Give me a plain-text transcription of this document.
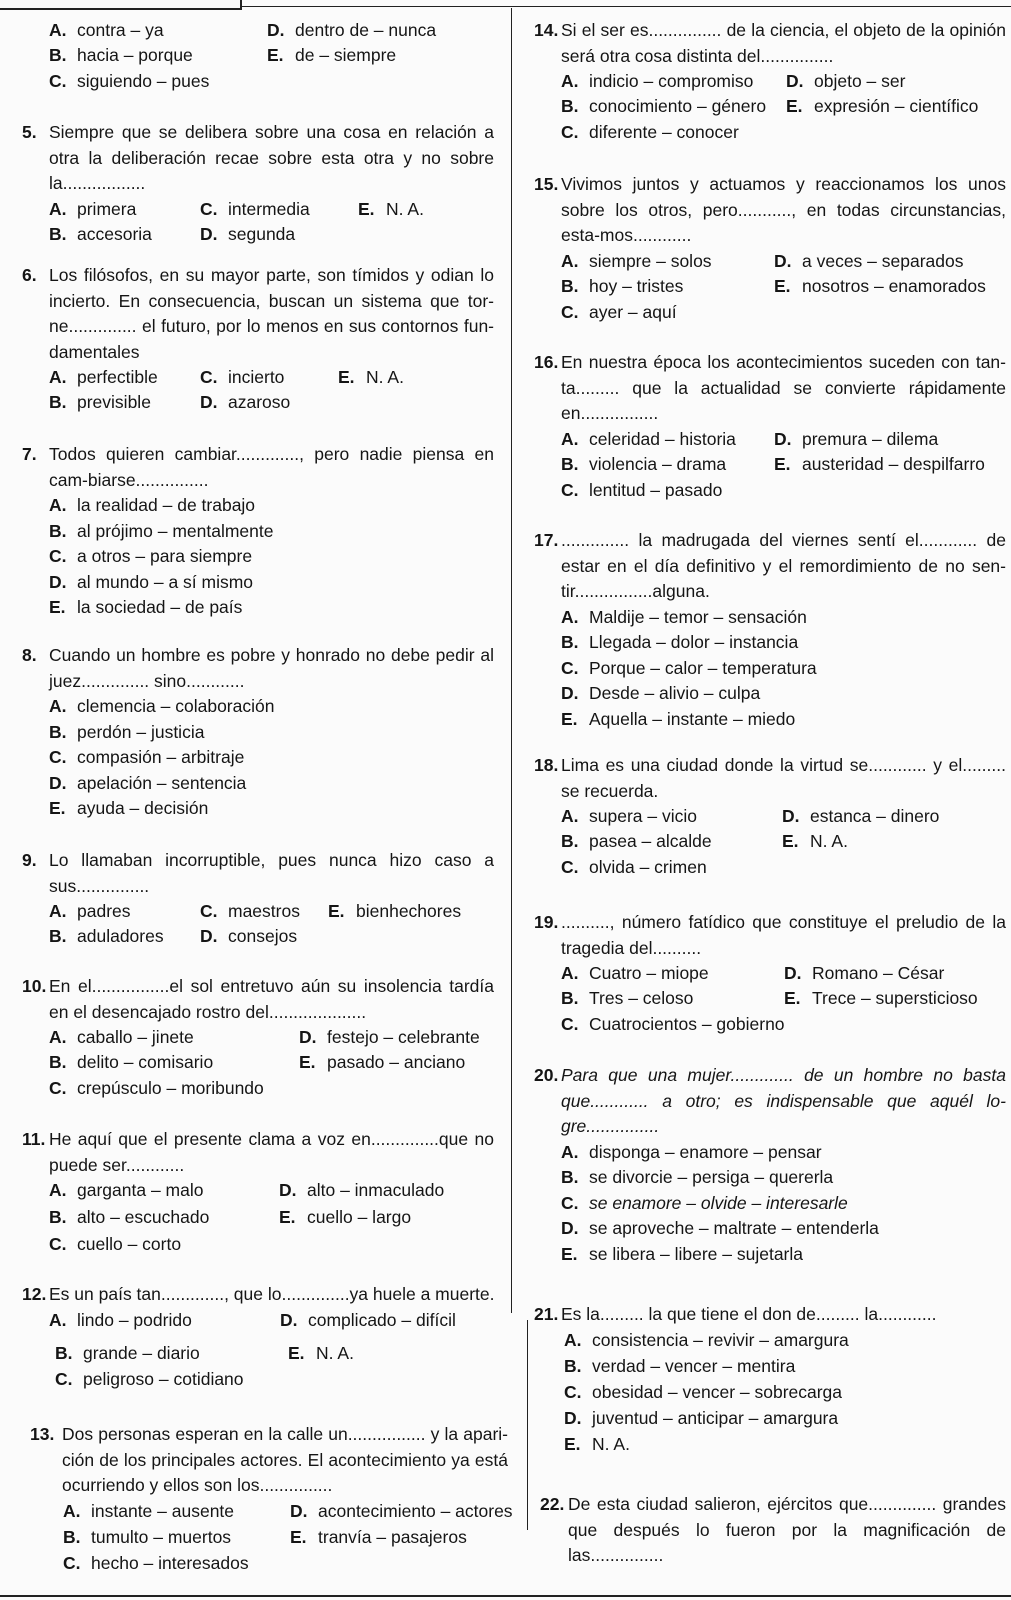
A. contra – ya	D. dentro de – nunca
B. hacia – porque	E. de – siempre
C. siguiendo – pues
5. Siempre que se delibera sobre una cosa en relación a otra la deliberación recae sobre esta otra y no sobre la.................
A. primera	C. intermedia	E. N. A.
B. accesoria	D. segunda
6. Los filósofos, en su mayor parte, son tímidos y odian lo incierto. En consecuencia, buscan un sistema que tor-ne.............. el futuro, por lo menos en sus contornos fun-damentales
A. perfectible C. incierto	E. N. A.
B. previsible	D. azaroso
7. Todos quieren cambiar............., pero nadie piensa en cam-biarse...............
A. la realidad – de trabajo
B. al prójimo – mentalmente
C. a otros – para siempre
D. al mundo – a sí mismo
E. la sociedad – de país
8. Cuando un hombre es pobre y honrado no debe pedir al juez.............. sino............
A. clemencia – colaboración
B. perdón – justicia
C. compasión – arbitraje
D. apelación – sentencia
E. ayuda – decisión
9. Lo llamaban incorruptible, pues nunca hizo caso a sus...............
A. padres	C. maestros E. bienhechores
B. aduladores D. consejos
10. En el................el sol entretuvo aún su insolencia tardía en el desencajado rostro del....................
A. caballo – jinete	D. festejo – celebrante
B. delito – comisario	E. pasado – anciano
C. crepúsculo – moribundo
11. He aquí que el presente clama a voz en..............que no puede ser............
A. garganta – malo	D. alto – inmaculado
B. alto – escuchado	E. cuello – largo
C. cuello – corto
12. Es un país tan............., que lo..............ya huele a muerte.
A. lindo – podrido	D. complicado – difícil
B. grande – diario	E. N. A.
C. peligroso – cotidiano
13. Dos personas esperan en la calle un................ y la apari-ción de los principales actores. El acontecimiento ya está ocurriendo y ellos son los...............
A. instante – ausente	D. acontecimiento – actores
B. tumulto – muertos	E. tranvía – pasajeros
C. hecho – interesados
14. Si el ser es............... de la ciencia, el objeto de la opinión será otra cosa distinta del...............
A. indicio – compromiso D. objeto – ser
B. conocimiento – género E. expresión – científico
C. diferente – conocer
15. Vivimos juntos y actuamos y reaccionamos los unos sobre los otros, pero..........., en todas circunstancias, esta-mos............
A. siempre – solos	D. a veces – separados
B. hoy – tristes	E. nosotros – enamorados
C. ayer – aquí
16. En nuestra época los acontecimientos suceden con tan-ta......... que la actualidad se convierte rápidamente en................
A. celeridad – historia D. premura – dilema
B. violencia – drama	E. austeridad – despilfarro
C. lentitud – pasado
17. .............. la madrugada del viernes sentí el............ de estar en el día definitivo y el remordimiento de no sen-tir................alguna.
A. Maldije – temor – sensación
B. Llegada – dolor – instancia
C. Porque – calor – temperatura
D. Desde – alivio – culpa
E. Aquella – instante – miedo
18. Lima es una ciudad donde la virtud se............ y el......... se recuerda.
A. supera – vicio	D. estanca – dinero
B. pasea – alcalde	E. N. A.
C. olvida – crimen
19. .........., número fatídico que constituye el preludio de la tragedia del..........
A. Cuatro – miope	D. Romano – César
B. Tres – celoso	E. Trece – supersticioso
C. Cuatrocientos – gobierno
20. Para que una mujer............. de un hombre no basta que............ a otro; es indispensable que aquél lo-gre...............
A. disponga – enamore – pensar
B. se divorcie – persiga – quererla
C. se enamore – olvide – interesarle
D. se aproveche – maltrate – entenderla
E. se libera – libere – sujetarla
21. Es la......... la que tiene el don de......... la............
A. consistencia – revivir – amargura
B. verdad – vencer – mentira
C. obesidad – vencer – sobrecarga
D. juventud – anticipar – amargura
E. N. A.
22. De esta ciudad salieron, ejércitos que.............. grandes que después lo fueron por la magnificación de las...............
